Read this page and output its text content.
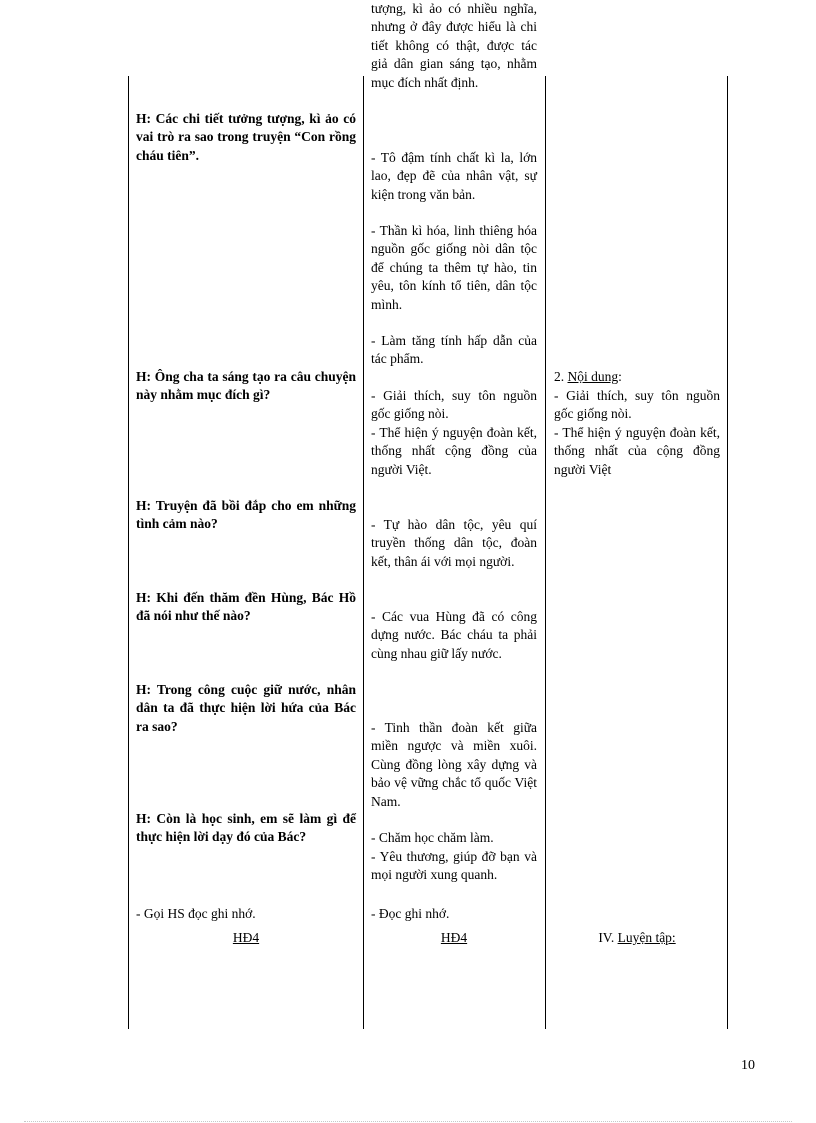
H: Các chi tiết tưởng tượng, kì ảo có vai trò ra sao trong truyện “Con rồng cháu tiên”.

H: Ông cha ta sáng tạo ra câu chuyện này nhằm mục đích gì?

H: Truyện đã bồi đắp cho em những tình cảm nào?

H: Khi đến thăm đền Hùng, Bác Hồ đã nói như thế nào?

H: Trong công cuộc giữ nước, nhân dân ta đã thực hiện lời hứa của Bác ra sao?

H: Còn là học sinh, em sẽ làm gì để thực hiện lời dạy đó của Bác?

- Gọi HS đọc ghi nhớ.

HĐ4

tượng, kì ảo có nhiều nghĩa, nhưng ở đây được hiểu là chi tiết không có thật, được tác giả dân gian sáng tạo, nhằm mục đích nhất định.

- Tô đậm tính chất kì la, lớn lao, đẹp đẽ của nhân vật, sự kiện trong văn bản.

- Thần kì hóa, linh thiêng hóa nguồn gốc giống nòi dân tộc để chúng ta thêm tự hào, tin yêu, tôn kính tổ tiên, dân tộc mình.

- Làm tăng tính hấp dẫn của tác phẩm.

- Giải thích, suy tôn nguồn gốc giống nòi.

- Thể hiện ý nguyện đoàn kết, thống nhất cộng đồng của người Việt.

- Tự hào dân tộc, yêu quí truyền thống dân tộc, đoàn kết, thân ái với mọi người.

- Các vua Hùng đã có công dựng nước. Bác cháu ta phải cùng nhau giữ lấy nước.

- Tinh thần đoàn kết giữa miền ngược và miền xuôi. Cùng đồng lòng xây dựng và bảo vệ vững chắc tổ quốc Việt Nam.

- Chăm học chăm làm.

- Yêu thương, giúp đỡ bạn và mọi người xung quanh.

- Đọc ghi nhớ.

HĐ4

2. Nội dung:

- Giải thích, suy tôn nguồn gốc giống nòi.

- Thể hiện ý nguyện đoàn kết, thống nhất của cộng đồng người Việt

IV. Luyện tập:

10
